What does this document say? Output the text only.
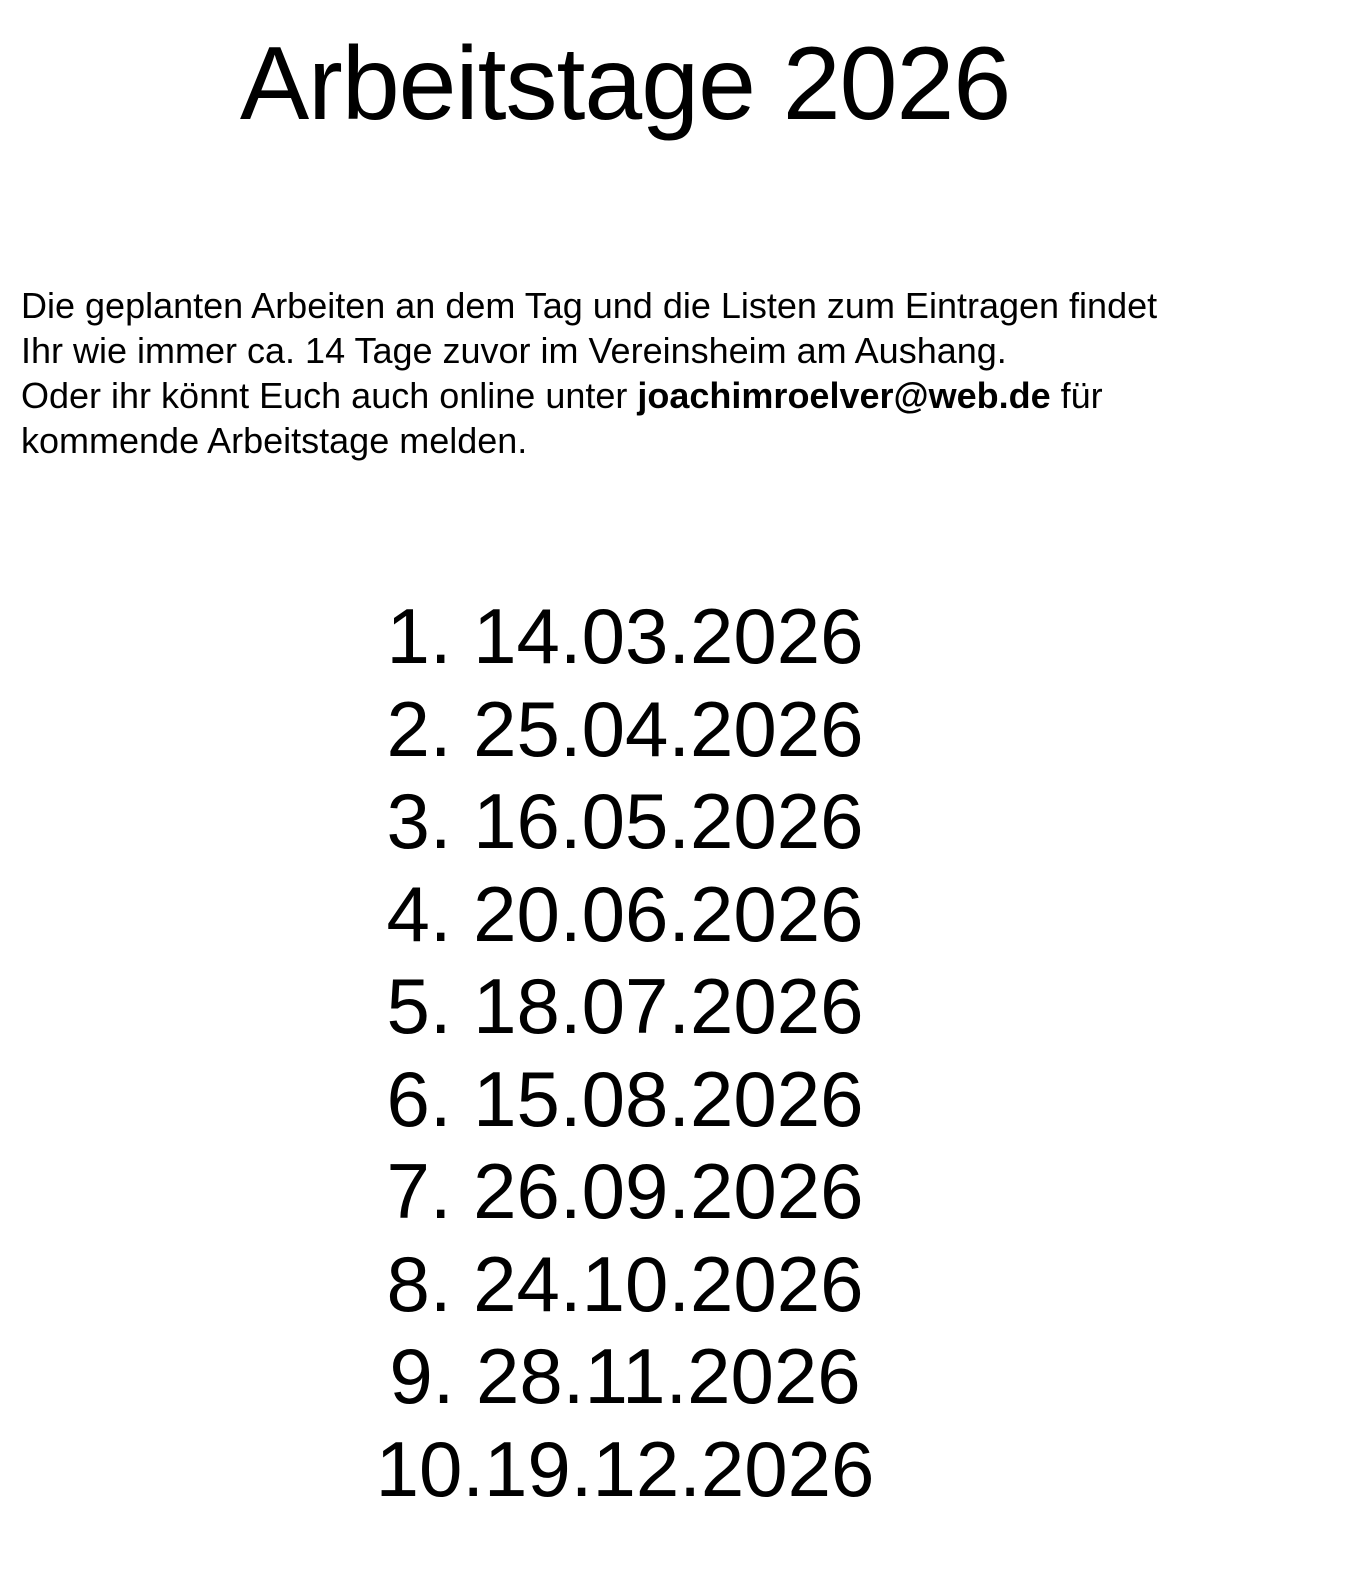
Arbeitstage 2026

Die geplanten Arbeiten an dem Tag und die Listen zum Eintragen findet
Ihr wie immer ca. 14 Tage zuvor im Vereinsheim am Aushang.
Oder ihr könnt Euch auch online unter joachimroelver@web.de für
kommende Arbeitstage melden.

1. 14.03.2026
2. 25.04.2026
3. 16.05.2026
4. 20.06.2026
5. 18.07.2026
6. 15.08.2026
7. 26.09.2026
8. 24.10.2026
9. 28.11.2026
10.19.12.2026
